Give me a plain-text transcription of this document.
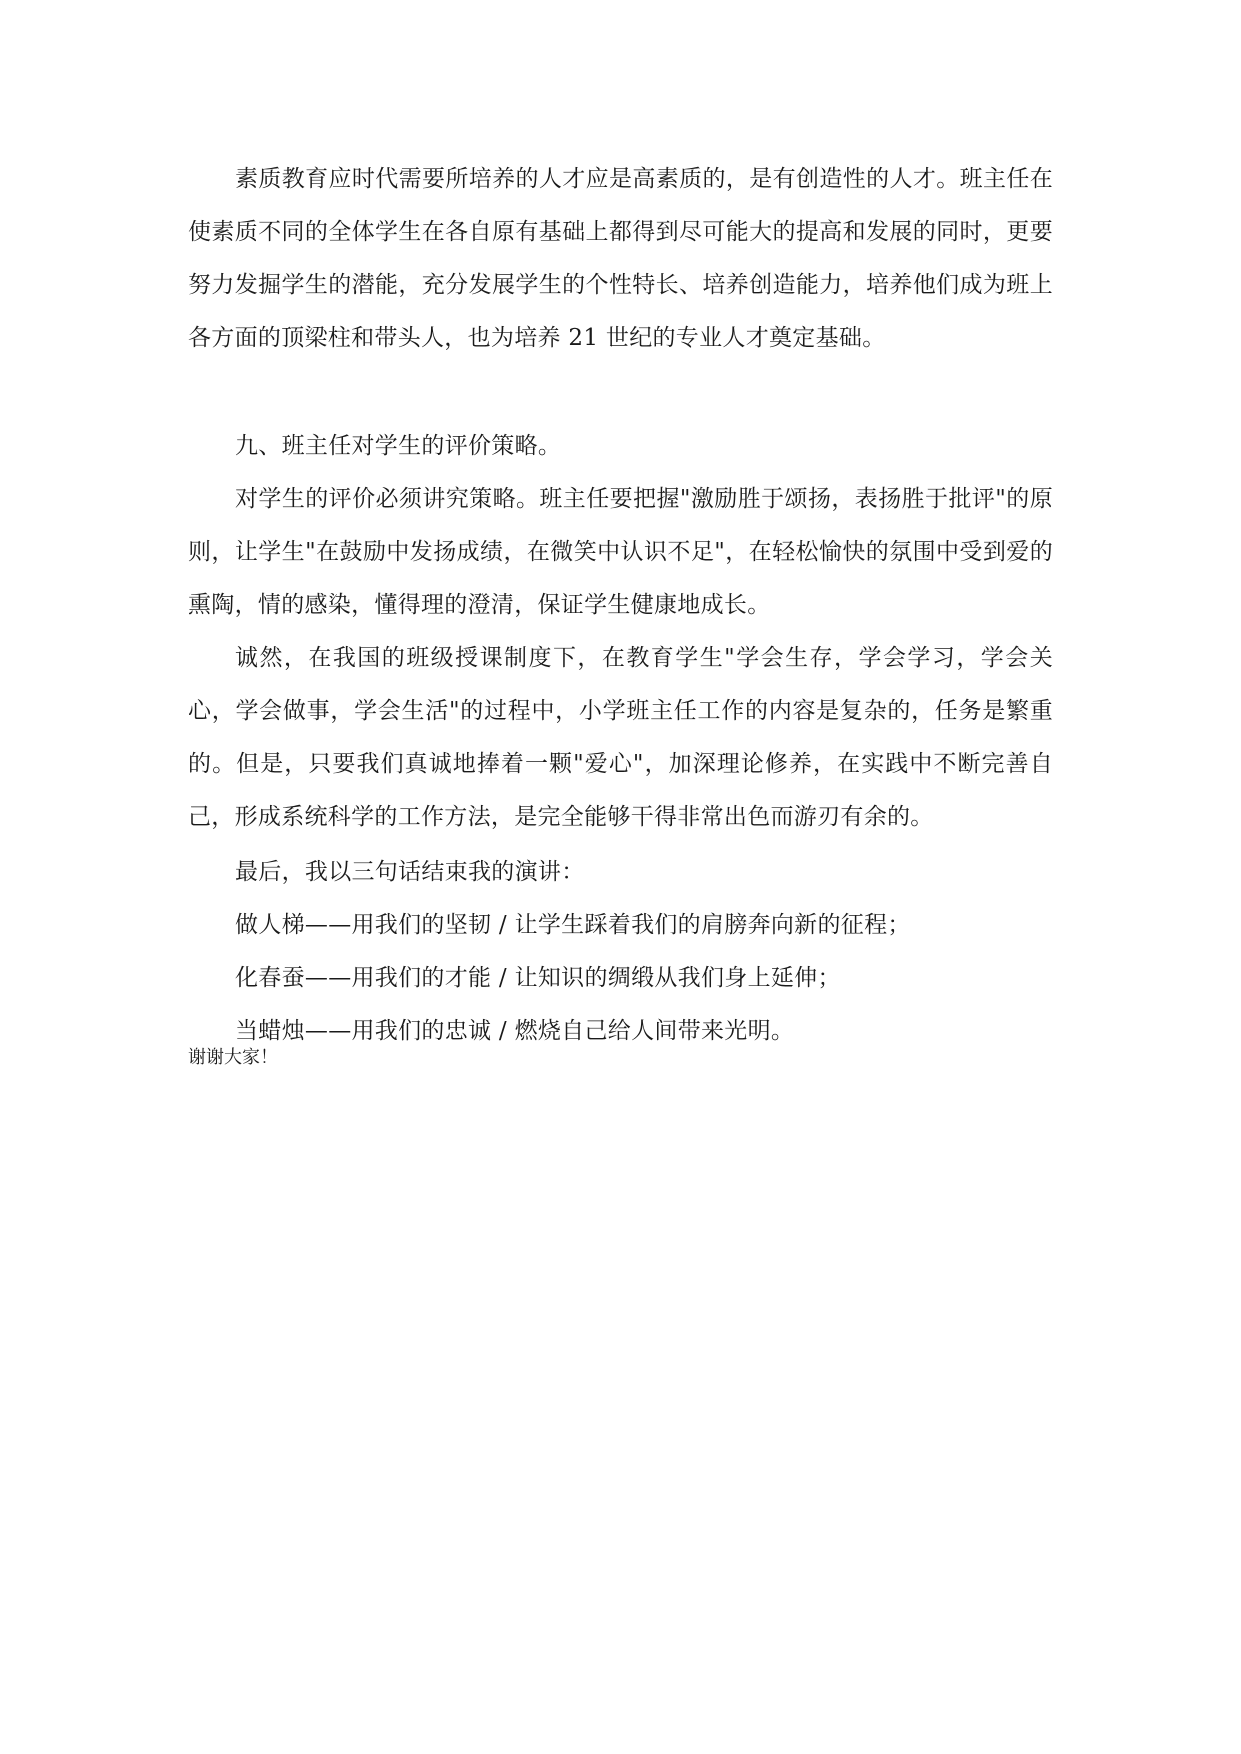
素质教育应时代需要所培养的人才应是高素质的，是有创造性的人才。班主任在使素质不同的全体学生在各自原有基础上都得到尽可能大的提高和发展的同时，更要努力发掘学生的潜能，充分发展学生的个性特长、培养创造能力，培养他们成为班上各方面的顶梁柱和带头人，也为培养 21 世纪的专业人才奠定基础。

九、班主任对学生的评价策略。

对学生的评价必须讲究策略。班主任要把握"激励胜于颂扬，表扬胜于批评"的原则，让学生"在鼓励中发扬成绩，在微笑中认识不足"，在轻松愉快的氛围中受到爱的熏陶，情的感染，懂得理的澄清，保证学生健康地成长。

诚然，在我国的班级授课制度下，在教育学生"学会生存，学会学习，学会关心，学会做事，学会生活"的过程中，小学班主任工作的内容是复杂的，任务是繁重的。但是，只要我们真诚地捧着一颗"爱心"，加深理论修养，在实践中不断完善自己，形成系统科学的工作方法，是完全能够干得非常出色而游刃有余的。

最后，我以三句话结束我的演讲：

做人梯——用我们的坚韧 / 让学生踩着我们的肩膀奔向新的征程；

化春蚕——用我们的才能 / 让知识的绸缎从我们身上延伸；

当蜡烛——用我们的忠诚 / 燃烧自己给人间带来光明。

谢谢大家！
